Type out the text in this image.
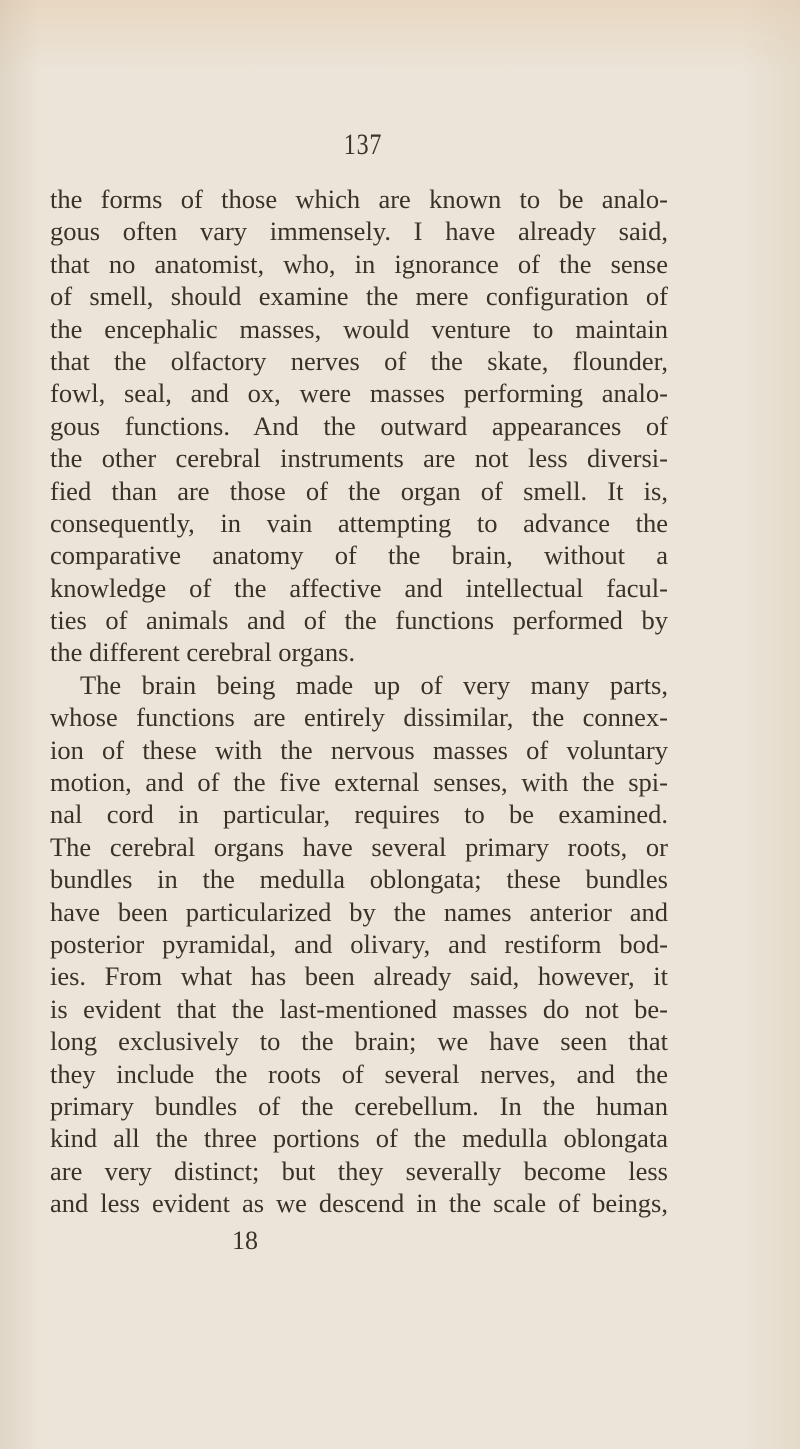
137
the forms of those which are known to be analo-
gous often vary immensely. I have already said,
that no anatomist, who, in ignorance of the sense
of smell, should examine the mere configuration of
the encephalic masses, would venture to maintain
that the olfactory nerves of the skate, flounder,
fowl, seal, and ox, were masses performing analo-
gous functions. And the outward appearances of
the other cerebral instruments are not less diversi-
fied than are those of the organ of smell. It is,
consequently, in vain attempting to advance the
comparative anatomy of the brain, without a
knowledge of the affective and intellectual facul-
ties of animals and of the functions performed by
the different cerebral organs.
The brain being made up of very many parts,
whose functions are entirely dissimilar, the connex-
ion of these with the nervous masses of voluntary
motion, and of the five external senses, with the spi-
nal cord in particular, requires to be examined.
The cerebral organs have several primary roots, or
bundles in the medulla oblongata; these bundles
have been particularized by the names anterior and
posterior pyramidal, and olivary, and restiform bod-
ies. From what has been already said, however, it
is evident that the last-mentioned masses do not be-
long exclusively to the brain; we have seen that
they include the roots of several nerves, and the
primary bundles of the cerebellum. In the human
kind all the three portions of the medulla oblongata
are very distinct; but they severally become less
and less evident as we descend in the scale of beings,
18
